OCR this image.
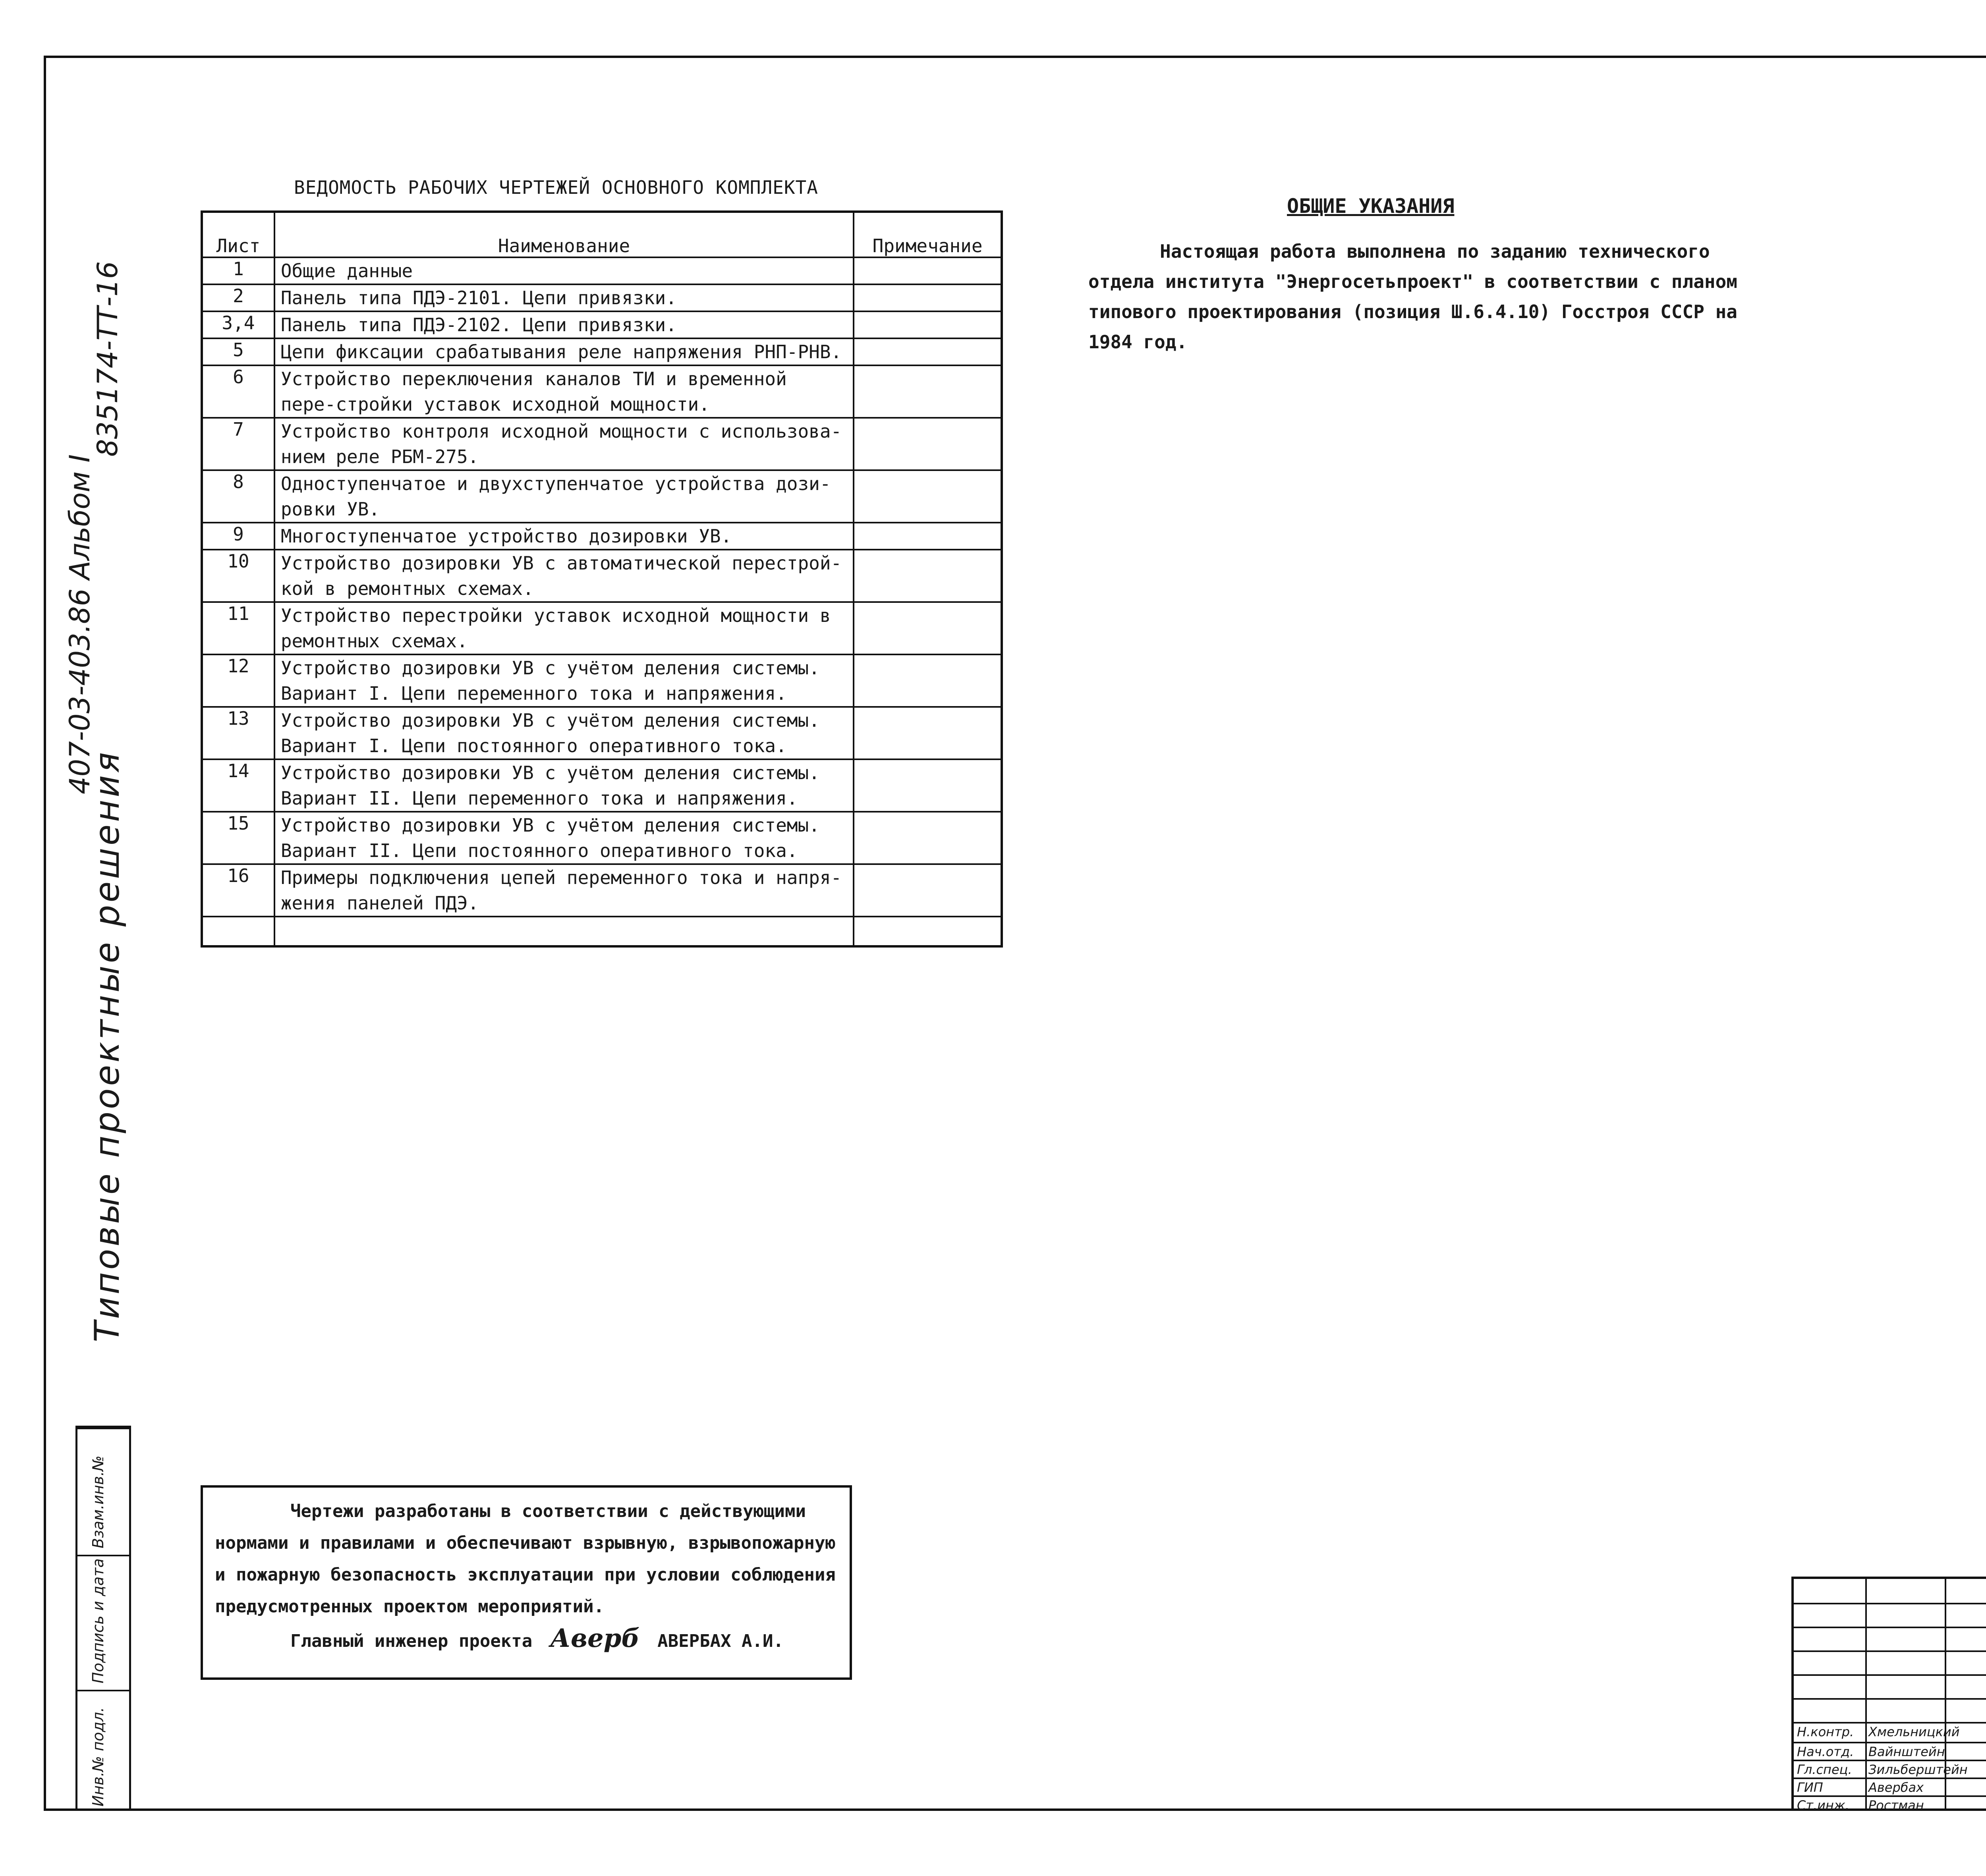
835174-ТТ-16
407-03-403.86 Альбом I
Типовые проектные решения
Взам.инв.№
Подпись и дата
Инв.№ подл.
ВЕДОМОСТЬ РАБОЧИХ ЧЕРТЕЖЕЙ ОСНОВНОГО КОМПЛЕКТА
Лист	Наименование	Примечание
1	Общие данные	
2	Панель типа ПДЭ-2101. Цепи привязки.	
3,4	Панель типа ПДЭ-2102. Цепи привязки.	
5	Цепи фиксации срабатывания реле напряжения РНП-РНВ.	
6	Устройство переключения каналов ТИ и временной пере-стройки уставок исходной мощности.	
7	Устройство контроля исходной мощности с использова-нием реле РБМ-275.	
8	Одноступенчатое и двухступенчатое устройства дози-ровки УВ.	
9	Многоступенчатое устройство дозировки УВ.	
10	Устройство дозировки УВ с автоматической перестрой-кой в ремонтных схемах.	
11	Устройство перестройки уставок исходной мощности в ремонтных схемах.	
12	Устройство дозировки УВ с учётом деления системы. Вариант I. Цепи переменного тока и напряжения.	
13	Устройство дозировки УВ с учётом деления системы. Вариант I. Цепи постоянного оперативного тока.	
14	Устройство дозировки УВ с учётом деления системы. Вариант II. Цепи переменного тока и напряжения.	
15	Устройство дозировки УВ с учётом деления системы. Вариант II. Цепи постоянного оперативного тока.	
16	Примеры подключения цепей переменного тока и напря-жения панелей ПДЭ.	

ОБЩИЕ УКАЗАНИЯ
Настоящая работа выполнена по заданию технического отдела института "Энергосетьпроект" в соответствии с планом типового проектирования (позиция Ш.6.4.10) Госстроя СССР на 1984 год.
Чертежи разработаны в соответствии с действующими нормами и правилами и обеспечивают взрывную, взрывопожарную и пожарную безопасность эксплуатации при условии соблюдения предусмотренных проектом мероприятий.
Главный инженер проекта Аверб АВЕРБАХ А.И.
Н.контр. Хмельницкий
Нач.отд. Вайнштейн
Гл.спец. Зильберштейн
ГИП	Авербах
Ст.инж. Ростман
